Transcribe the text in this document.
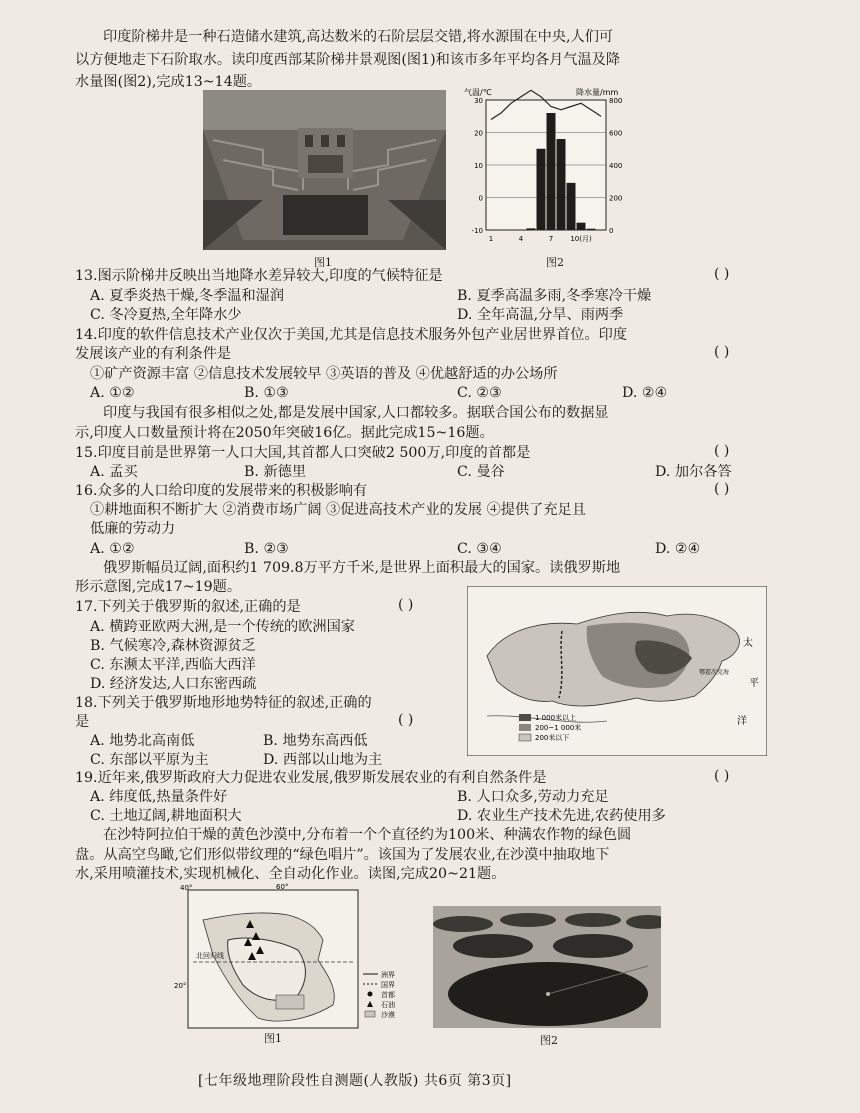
印度阶梯井是一种石造储水建筑,高达数米的石阶层层交错,将水源围在中央,人们可
以方便地走下石阶取水。读印度西部某阶梯井景观图(图1)和该市多年平均各月气温及降
水量图(图2),完成13~14题。
图1
气温/℃	降水量/mm
30
20
10
0
-10
800
600
400
200
0
1	4	7 10(月)
图2
13.图示阶梯井反映出当地降水差异较大,印度的气候特征是	( )
A. 夏季炎热干燥,冬季温和湿润	B. 夏季高温多雨,冬季寒冷干燥
C. 冬冷夏热,全年降水少	D. 全年高温,分旱、雨两季
14.印度的软件信息技术产业仅次于美国,尤其是信息技术服务外包产业居世界首位。印度
发展该产业的有利条件是	( )
①矿产资源丰富 ②信息技术发展较早 ③英语的普及 ④优越舒适的办公场所
A. ①②	B. ①③	C. ②③	D. ②④
印度与我国有很多相似之处,都是发展中国家,人口都较多。据联合国公布的数据显
示,印度人口数量预计将在2050年突破16亿。据此完成15~16题。
15.印度目前是世界第一人口大国,其首都人口突破2 500万,印度的首都是	( )
A. 孟买	B. 新德里	C. 曼谷	D. 加尔各答
16.众多的人口给印度的发展带来的积极影响有	( )
①耕地面积不断扩大 ②消费市场广阔 ③促进高技术产业的发展 ④提供了充足且
低廉的劳动力
A. ①②	B. ②③	C. ③④	D. ②④
俄罗斯幅员辽阔,面积约1 709.8万平方千米,是世界上面积最大的国家。读俄罗斯地
形示意图,完成17~19题。
17.下列关于俄罗斯的叙述,正确的是	( )
A. 横跨亚欧两大洲,是一个传统的欧洲国家
B. 气候寒冷,森林资源贫乏
C. 东濒太平洋,西临大西洋
D. 经济发达,人口东密西疏
18.下列关于俄罗斯地形地势特征的叙述,正确的
是	( )
A. 地势北高南低	B. 地势东高西低
C. 东部以平原为主	D. 西部以山地为主
太
平
洋
鄂霍次克海
1 000米以上
200~1 000米
200米以下
19.近年来,俄罗斯政府大力促进农业发展,俄罗斯发展农业的有利自然条件是	( )
A. 纬度低,热量条件好	B. 人口众多,劳动力充足
C. 土地辽阔,耕地面积大	D. 农业生产技术先进,农药使用多
在沙特阿拉伯干燥的黄色沙漠中,分布着一个个直径约为100米、种满农作物的绿色圆
盘。从高空鸟瞰,它们形似带纹理的“绿色唱片”。该国为了发展农业,在沙漠中抽取地下
水,采用喷灌技术,实现机械化、全自动化作业。读图,完成20~21题。
40°	60°
20°
北回归线
洲界
国界
首都
石油
沙漠
图1	图2
[七年级地理阶段性自测题(人教版) 共6页 第3页]
